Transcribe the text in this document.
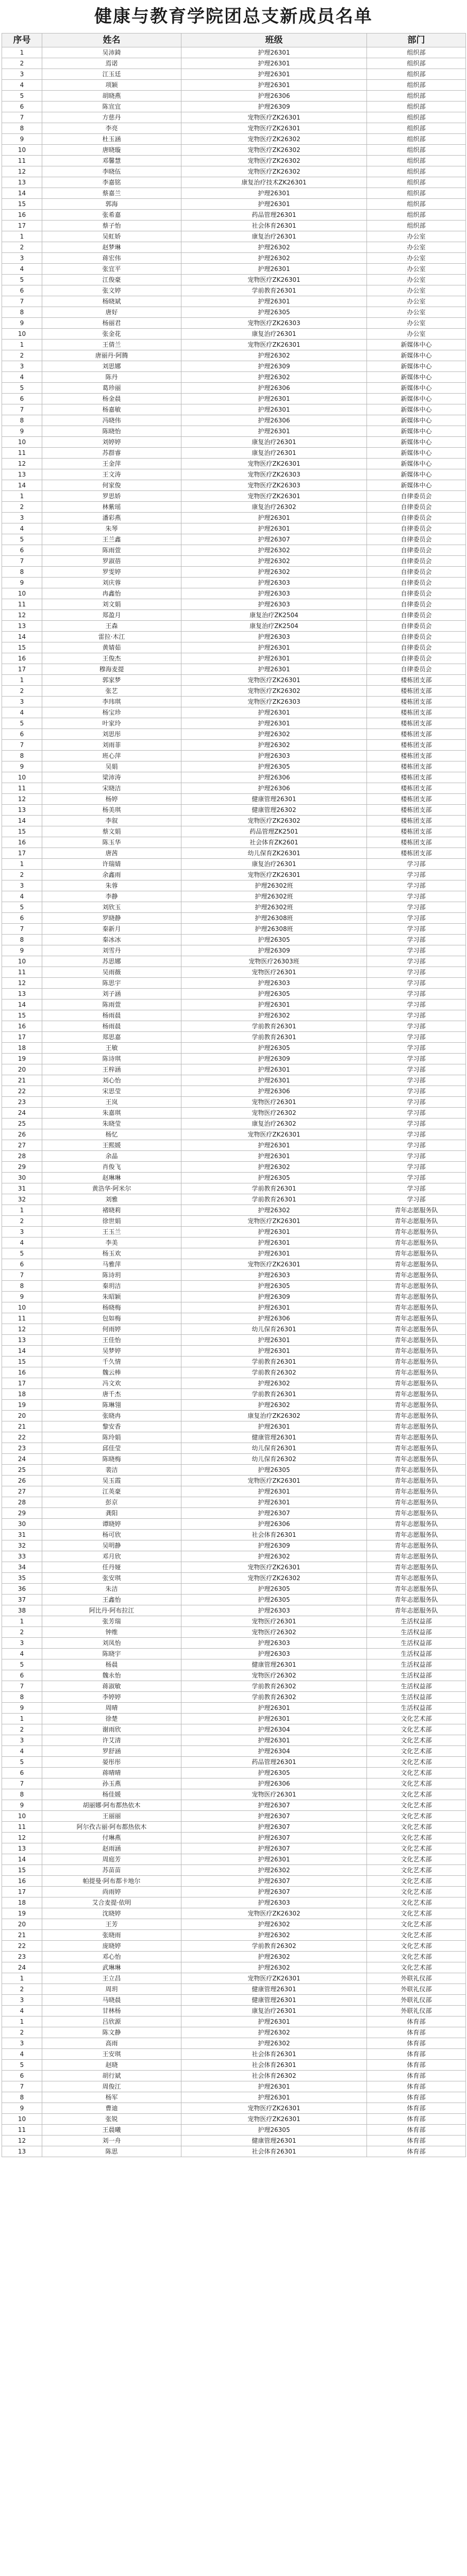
健康与教育学院团总支新成员名单
序号	姓名	班级	部门
1	吴沛錡	护理26301	组织部
2	焉诺	护理26301	组织部
3	江玉廷	护理26301	组织部
4	项颖	护理26301	组织部
5	胡晓燕	护理26306	组织部
6	陈宣宜	护理26309	组织部
7	方慈丹	宠物医疗ZK26301	组织部
8	李亮	宠物医疗ZK26301	组织部
9	杜玉涵	宠物医疗ZK26302	组织部
10	唐晓璇	宠物医疗ZK26302	组织部
11	邓馨慧	宠物医疗ZK26302	组织部
12	李晓伍	宠物医疗ZK26302	组织部
13	李嘉铭	康复治疗技术ZK26301	组织部
14	蔡嘉兰	护理26301	组织部
15	郭海	护理26301	组织部
16	张希嘉	药品管理26301	组织部
17	蔡子怡	社会体育26301	组织部
1	吴虹娇	康复治疗26301	办公室
2	赵梦琳	护理26302	办公室
3	蒋宏伟	护理26302	办公室
4	张宜平	护理26301	办公室
5	江俊豪	宠物医疗ZK26301	办公室
6	张文婷	学前教育26301	办公室
7	杨晓斌	护理26301	办公室
8	唐好	护理26305	办公室
9	杨丽君	宠物医疗ZK26303	办公室
10	张金花	康复治疗26301	办公室
1	王倩兰	宠物医疗ZK26301	新媒体中心
2	唐丽丹·阿腾	护理26302	新媒体中心
3	刘思娜	护理26309	新媒体中心
4	陈丹	护理26302	新媒体中心
5	葛珍丽	护理26306	新媒体中心
6	杨金晨	护理26301	新媒体中心
7	杨嘉敏	护理26301	新媒体中心
8	冯晓伟	护理26306	新媒体中心
9	陈晓怡	护理26301	新媒体中心
10	刘婷婷	康复治疗26301	新媒体中心
11	苏群睿	康复治疗26301	新媒体中心
12	王金萍	宠物医疗ZK26301	新媒体中心
13	王文涛	宠物医疗ZK26303	新媒体中心
14	何家俊	宠物医疗ZK26303	新媒体中心
1	罗思娇	宠物医疗ZK26301	自律委员会
2	林紫瑶	康复治疗26302	自律委员会
3	潘彩燕	护理26301	自律委员会
4	朱琴	护理26301	自律委员会
5	王兰鑫	护理26307	自律委员会
6	陈雨萱	护理26302	自律委员会
7	罗淑蓓	护理26302	自律委员会
8	罗雯婷	护理26302	自律委员会
9	刘庆蓉	护理26303	自律委员会
10	冉鑫怡	护理26303	自律委员会
11	刘文娟	护理26303	自律委员会
12	郑盈月	康复治疗ZK2504	自律委员会
13	王森	康复治疗ZK2504	自律委员会
14	雷拉·木江	护理26303	自律委员会
15	黄婧茹	护理26301	自律委员会
16	王俊杰	护理26301	自律委员会
17	穆海麦提	护理26301	自律委员会
1	郭家梦	宠物医疗ZK26301	楼栋团支部
2	张艺	宠物医疗ZK26302	楼栋团支部
3	李玮琪	宠物医疗ZK26303	楼栋团支部
4	杨宝珍	护理26301	楼栋团支部
5	叶家玲	护理26301	楼栋团支部
6	刘思彤	护理26302	楼栋团支部
7	刘雨菲	护理26302	楼栋团支部
8	班心萍	护理26303	楼栋团支部
9	吴娟	护理26305	楼栋团支部
10	梁沛涛	护理26306	楼栋团支部
11	宋晓洁	护理26306	楼栋团支部
12	杨婷	健康管理26301	楼栋团支部
13	杨美琪	健康管理26302	楼栋团支部
14	李叙	宠物医疗ZK26302	楼栋团支部
15	蔡文娟	药品管理ZK2501	楼栋团支部
16	陈玉华	社会体育ZK2601	楼栋团支部
17	唐茜	幼儿保育ZK26301	楼栋团支部
1	许瑞婧	康复治疗26301	学习部
2	余鑫雨	宠物医疗ZK26301	学习部
3	朱蓉	护理26302班	学习部
4	李静	护理26302班	学习部
5	刘欣玉	护理26302班	学习部
6	罗晓静	护理26308班	学习部
7	秦新月	护理26308班	学习部
8	秦冰冰	护理26305	学习部
9	刘雪丹	护理26309	学习部
10	苏思娜	宠物医疗26303班	学习部
11	吴雨薇	宠物医疗26301	学习部
12	陈思宇	护理26303	学习部
13	刘子涵	护理26305	学习部
14	陈雨萱	护理26301	学习部
15	杨雨晨	护理26302	学习部
16	杨雨晨	学前教育26301	学习部
17	郑思嘉	学前教育26301	学习部
18	王敏	护理26305	学习部
19	陈诗琪	护理26309	学习部
20	王梓涵	护理26301	学习部
21	刘心怡	护理26301	学习部
22	宋思莹	护理26306	学习部
23	王岚	宠物医疗26301	学习部
24	朱嘉琪	宠物医疗26302	学习部
25	朱晓莹	康复治疗26302	学习部
26	杨忆	宠物医疗ZK26301	学习部
27	王熙媛	护理26301	学习部
28	余晶	护理26301	学习部
29	肖俊飞	护理26302	学习部
30	赵琳琳	护理26305	学习部
31	黄浩华·阿米尔	学前教育26301	学习部
32	刘雅	学前教育26301	学习部
1	褚晓莉	护理26302	青年志愿服务队
2	徐世娟	宠物医疗ZK26301	青年志愿服务队
3	王玉兰	护理26301	青年志愿服务队
4	李美	护理26301	青年志愿服务队
5	杨玉欢	护理26301	青年志愿服务队
6	马雅萍	宠物医疗ZK26301	青年志愿服务队
7	陈诗玥	护理26303	青年志愿服务队
8	秦玥洁	护理26305	青年志愿服务队
9	朱昭颖	护理26309	青年志愿服务队
10	杨晓梅	护理26301	青年志愿服务队
11	包如梅	护理26306	青年志愿服务队
12	何雨婷	幼儿保育26301	青年志愿服务队
13	王佳怡	护理26301	青年志愿服务队
14	吴梦婷	护理26301	青年志愿服务队
15	千久情	学前教育26301	青年志愿服务队
16	魏云棒	学前教育26302	青年志愿服务队
17	冯文欢	护理26302	青年志愿服务队
18	唐千杰	学前教育26301	青年志愿服务队
19	陈琳翎	护理26302	青年志愿服务队
20	张晓冉	康复治疗ZK26302	青年志愿服务队
21	黎安香	护理26301	青年志愿服务队
22	陈玲娟	健康管理26301	青年志愿服务队
23	邱佳莹	幼儿保育26301	青年志愿服务队
24	陈晓梅	幼儿保育26302	青年志愿服务队
25	裴洁	护理26305	青年志愿服务队
26	吴玉霞	宠物医疗ZK26301	青年志愿服务队
27	江英豪	护理26301	青年志愿服务队
28	彭京	护理26301	青年志愿服务队
29	龚阳	护理26307	青年志愿服务队
30	谭晓婷	护理26306	青年志愿服务队
31	杨可欣	社会体育26301	青年志愿服务队
32	吴明静	护理26309	青年志愿服务队
33	邓月欣	护理26302	青年志愿服务队
34	任丹娅	宠物医疗ZK26301	青年志愿服务队
35	张安琪	宠物医疗ZK26302	青年志愿服务队
36	朱洁	护理26305	青年志愿服务队
37	王鑫怡	护理26305	青年志愿服务队
38	阿比丹·阿布拉江	护理26303	青年志愿服务队
1	张芳瑞	宠物医疗26301	生活权益部
2	钟维	宠物医疗26302	生活权益部
3	刘凤怡	护理26303	生活权益部
4	陈晓宇	护理26303	生活权益部
5	杨晨	健康管理26301	生活权益部
6	魏永怡	宠物医疗26302	生活权益部
7	蒋淑敏	学前教育26302	生活权益部
8	李婷婷	学前教育26302	生活权益部
9	周晴	护理26301	生活权益部
1	徐楚	护理26301	文化艺术部
2	谢雨欣	护理26304	文化艺术部
3	许艾清	护理26301	文化艺术部
4	罗舒涵	护理26304	文化艺术部
5	晏彤彤	药品管理26301	文化艺术部
6	蒋晴晴	护理26305	文化艺术部
7	孙玉燕	护理26306	文化艺术部
8	杨佳媛	宠物医疗26301	文化艺术部
9	胡丽娜·阿布都热依木	护理26307	文化艺术部
10	王丽丽	护理26307	文化艺术部
11	阿尔孜古丽·阿布都热依木	护理26307	文化艺术部
12	付琳燕	护理26307	文化艺术部
13	赵雨涵	护理26307	文化艺术部
14	周庭芳	护理26301	文化艺术部
15	苏苗苗	护理26302	文化艺术部
16	帕提曼·阿布都卡地尔	护理26307	文化艺术部
17	尚雨婷	护理26307	文化艺术部
18	艾合麦提·依明	护理26303	文化艺术部
19	沈晓婷	宠物医疗ZK26302	文化艺术部
20	王芳	护理26302	文化艺术部
21	张晓雨	护理26302	文化艺术部
22	庞晓婷	学前教育26302	文化艺术部
23	邓心怡	护理26302	文化艺术部
24	武琳琳	护理26302	文化艺术部
1	王立昌	宠物医疗ZK26301	外联礼仪部
2	周玥	健康管理26301	外联礼仪部
3	马晓晨	健康管理26301	外联礼仪部
4	甘林杨	康复治疗26301	外联礼仪部
1	吕欣源	护理26301	体育部
2	陈文静	护理26302	体育部
3	高雨	护理26302	体育部
4	王安琪	社会体育26301	体育部
5	赵晓	社会体育26301	体育部
6	胡行斌	社会体育26302	体育部
7	周俊江	护理26301	体育部
8	杨军	护理26301	体育部
9	曹迪	宠物医疗ZK26301	体育部
10	张锐	宠物医疗ZK26301	体育部
11	王晨曦	护理26305	体育部
12	刘一舟	健康管理26301	体育部
13	陈思	社会体育26301	体育部
